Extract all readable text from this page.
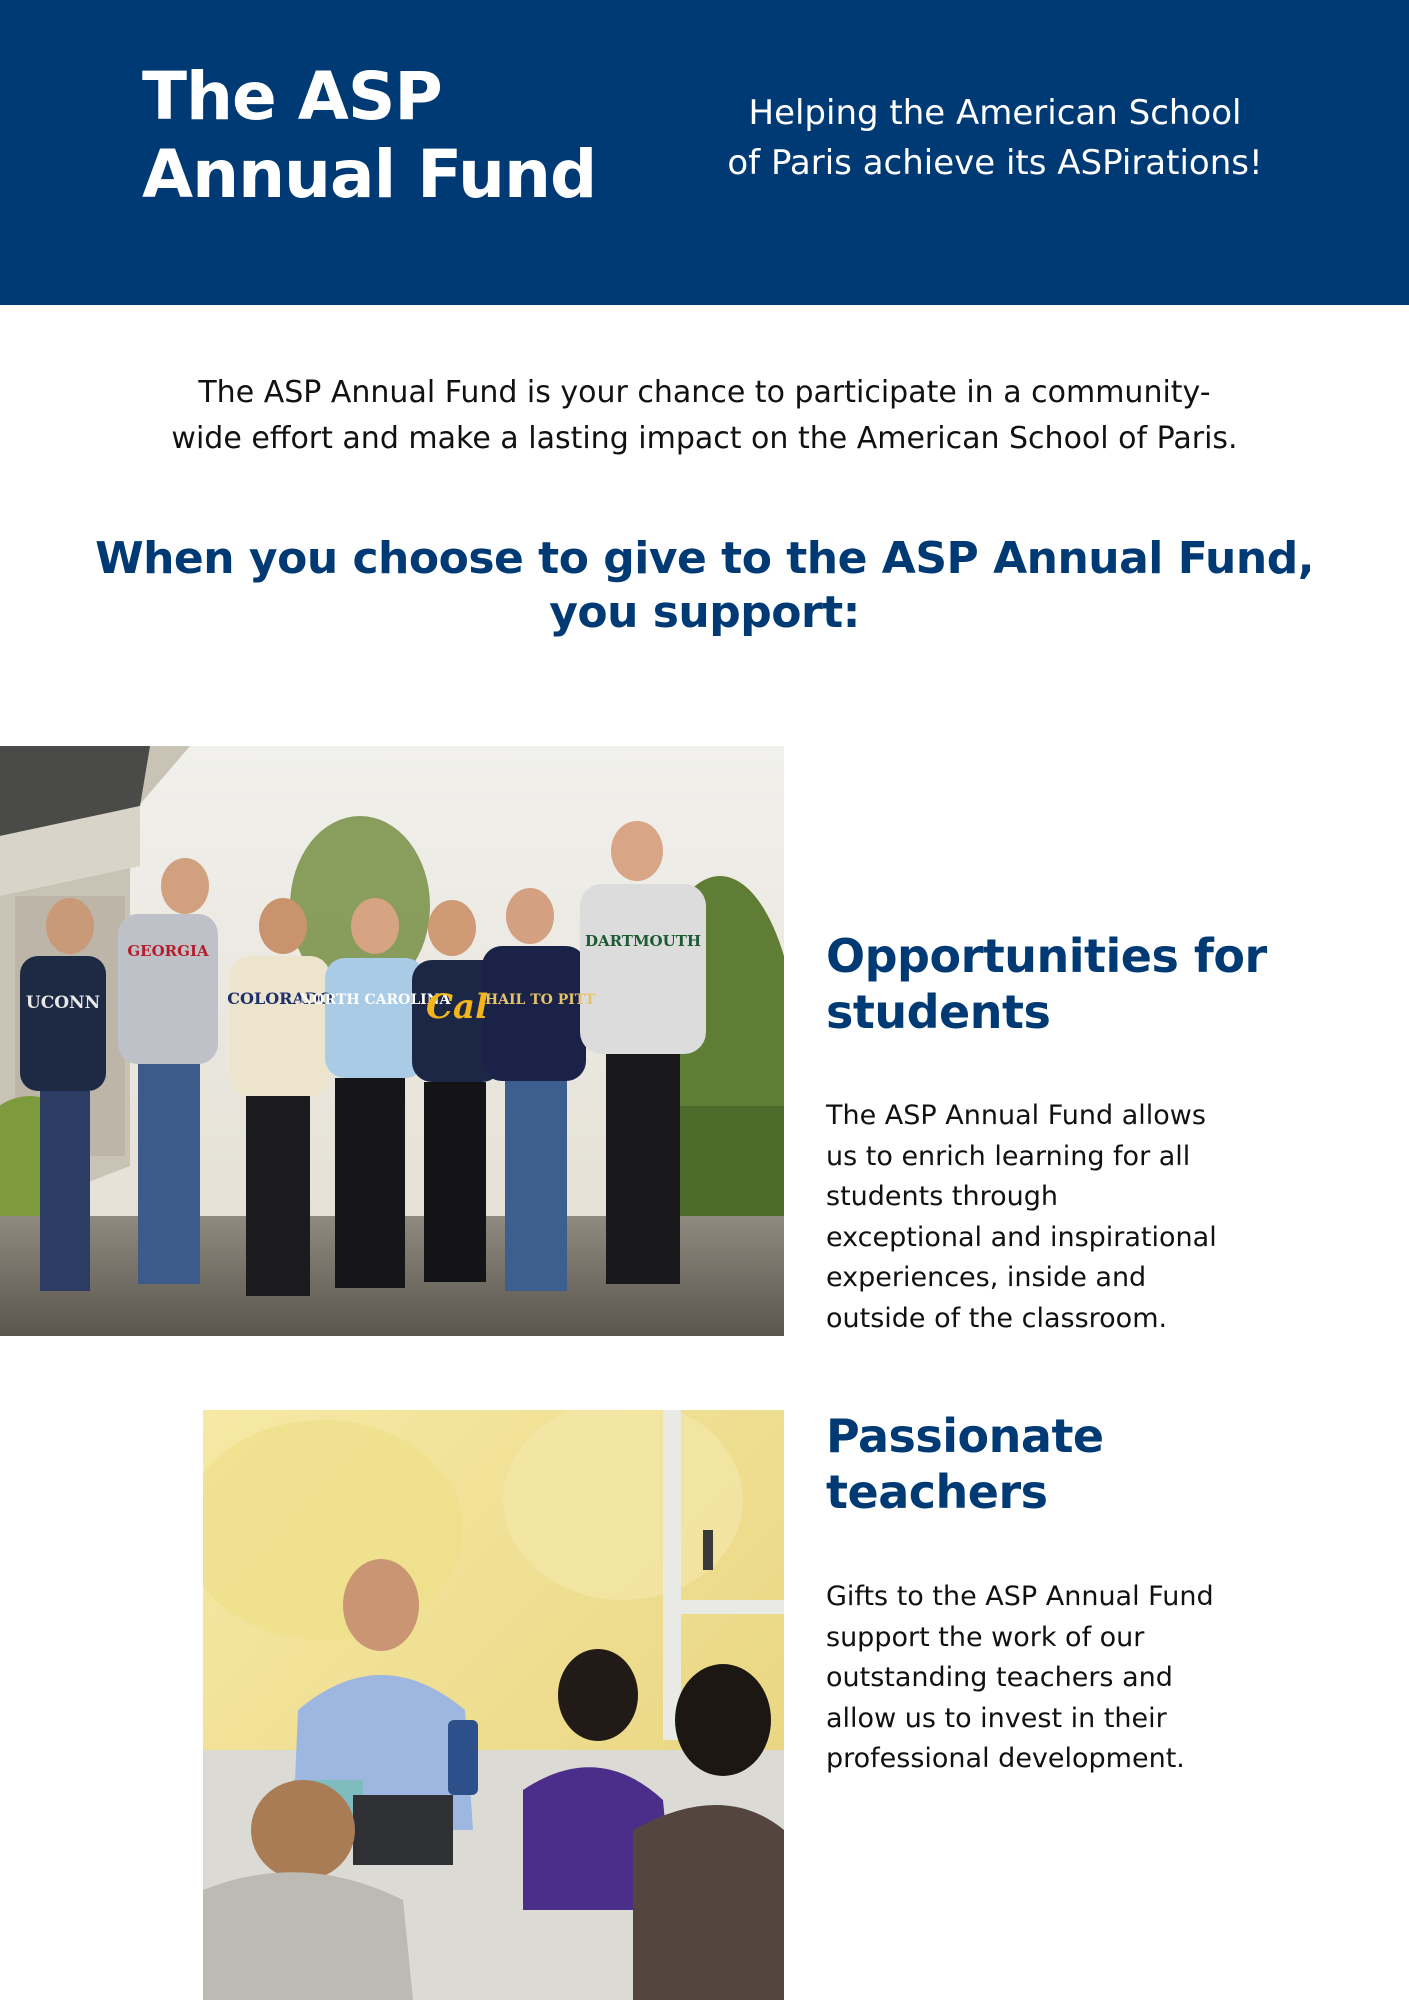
The ASP
Annual Fund

Helping the American School
of Paris achieve its ASPirations!

The ASP Annual Fund is your chance to participate in a community-
wide effort and make a lasting impact on the American School of Paris.

When you choose to give to the ASP Annual Fund,
you support:
UCONN
GEORGIA
COLORADO
NORTH CAROLINA
Cal
HAIL TO PITT
DARTMOUTH	Opportunities for
students

The ASP Annual Fund allows
us to enrich learning for all
students through
exceptional and inspirational
experiences, inside and
outside of the classroom.

Passionate
teachers

Gifts to the ASP Annual Fund
support the work of our
outstanding teachers and
allow us to invest in their
professional development.
